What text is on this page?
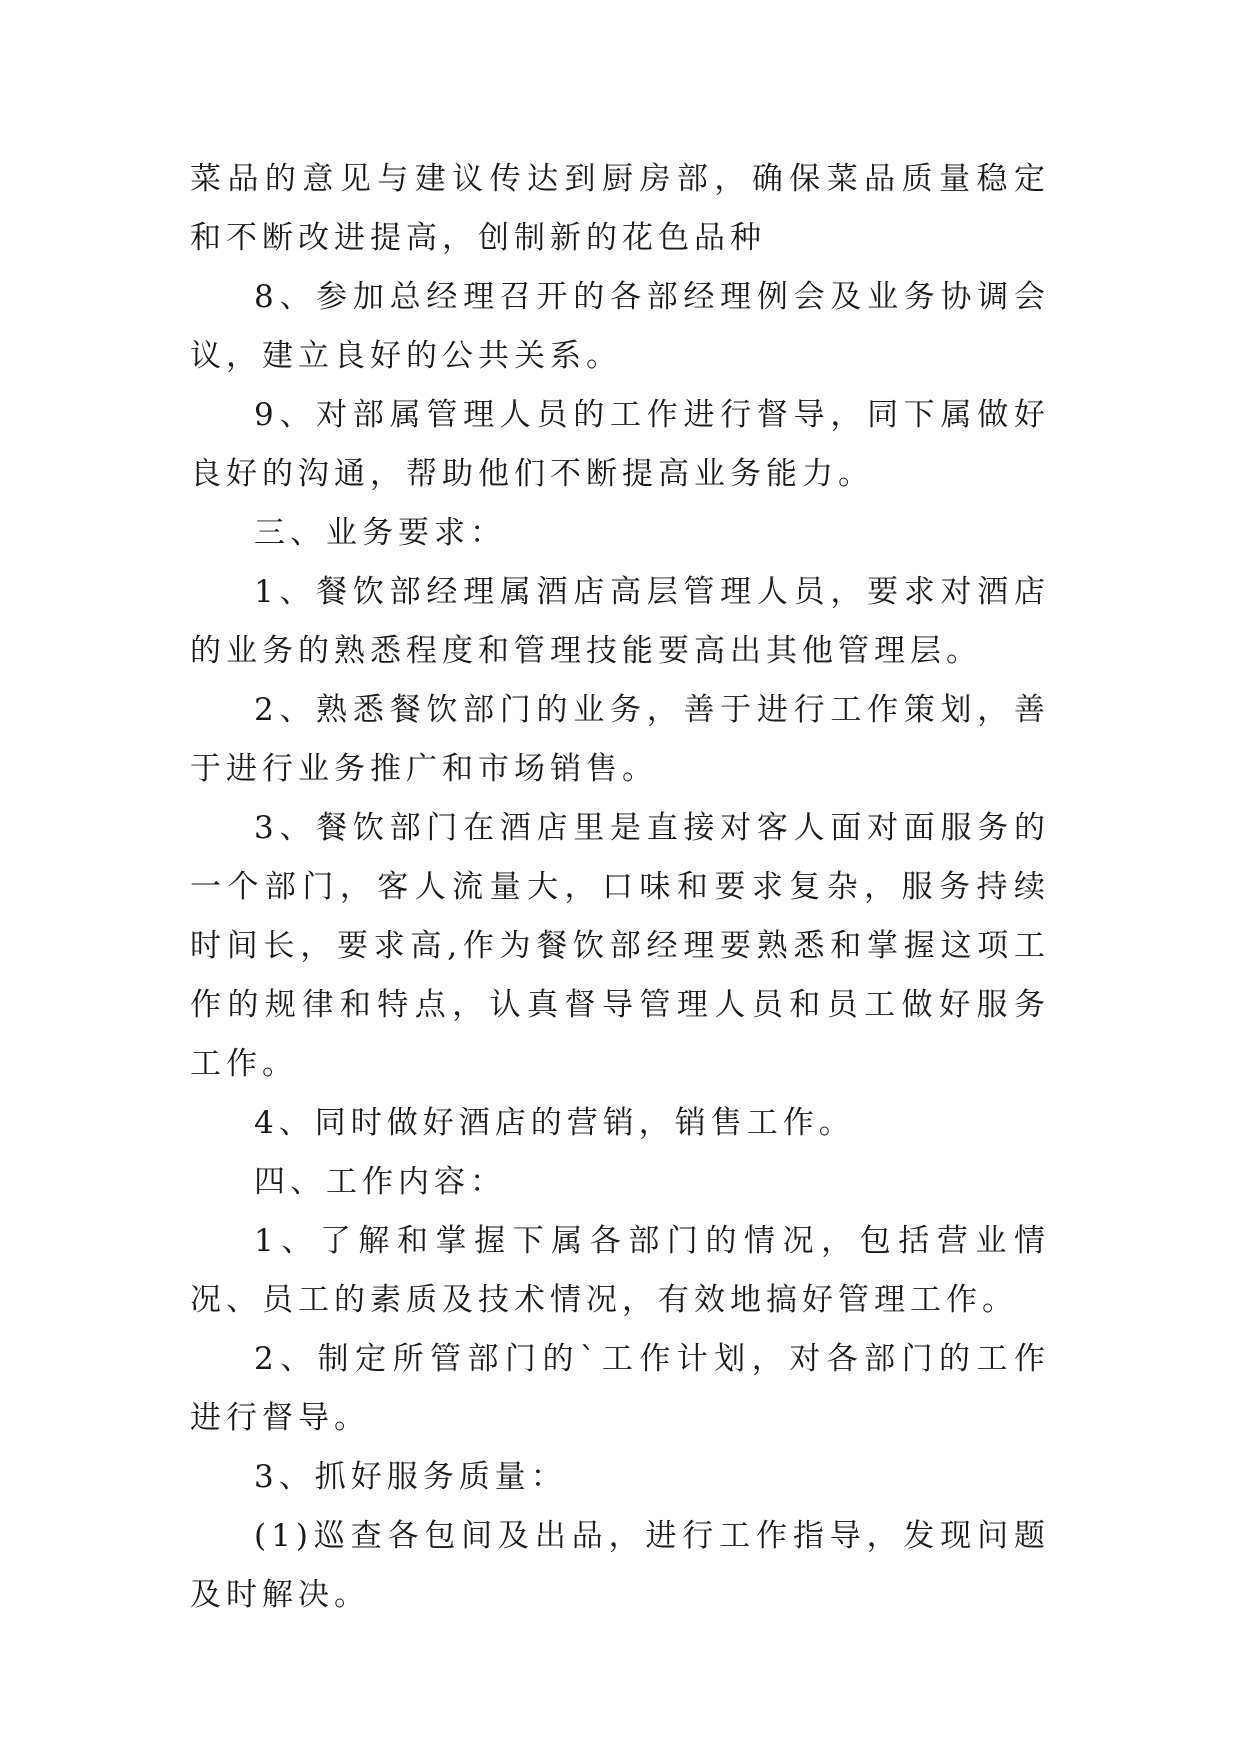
菜品的意见与建议传达到厨房部，确保菜品质量稳定和不断改进提高，创制新的花色品种

8、参加总经理召开的各部经理例会及业务协调会议，建立良好的公共关系。

9、对部属管理人员的工作进行督导，同下属做好良好的沟通，帮助他们不断提高业务能力。

三、业务要求：

1、餐饮部经理属酒店高层管理人员，要求对酒店的业务的熟悉程度和管理技能要高出其他管理层。

2、熟悉餐饮部门的业务，善于进行工作策划，善于进行业务推广和市场销售。

3、餐饮部门在酒店里是直接对客人面对面服务的一个部门，客人流量大，口味和要求复杂，服务持续时间长，要求高,作为餐饮部经理要熟悉和掌握这项工作的规律和特点，认真督导管理人员和员工做好服务工作。

4、同时做好酒店的营销，销售工作。

四、工作内容：

1、了解和掌握下属各部门的情况，包括营业情况、员工的素质及技术情况，有效地搞好管理工作。

2、制定所管部门的`工作计划，对各部门的工作进行督导。

3、抓好服务质量：

(1)巡查各包间及出品，进行工作指导，发现问题及时解决。
